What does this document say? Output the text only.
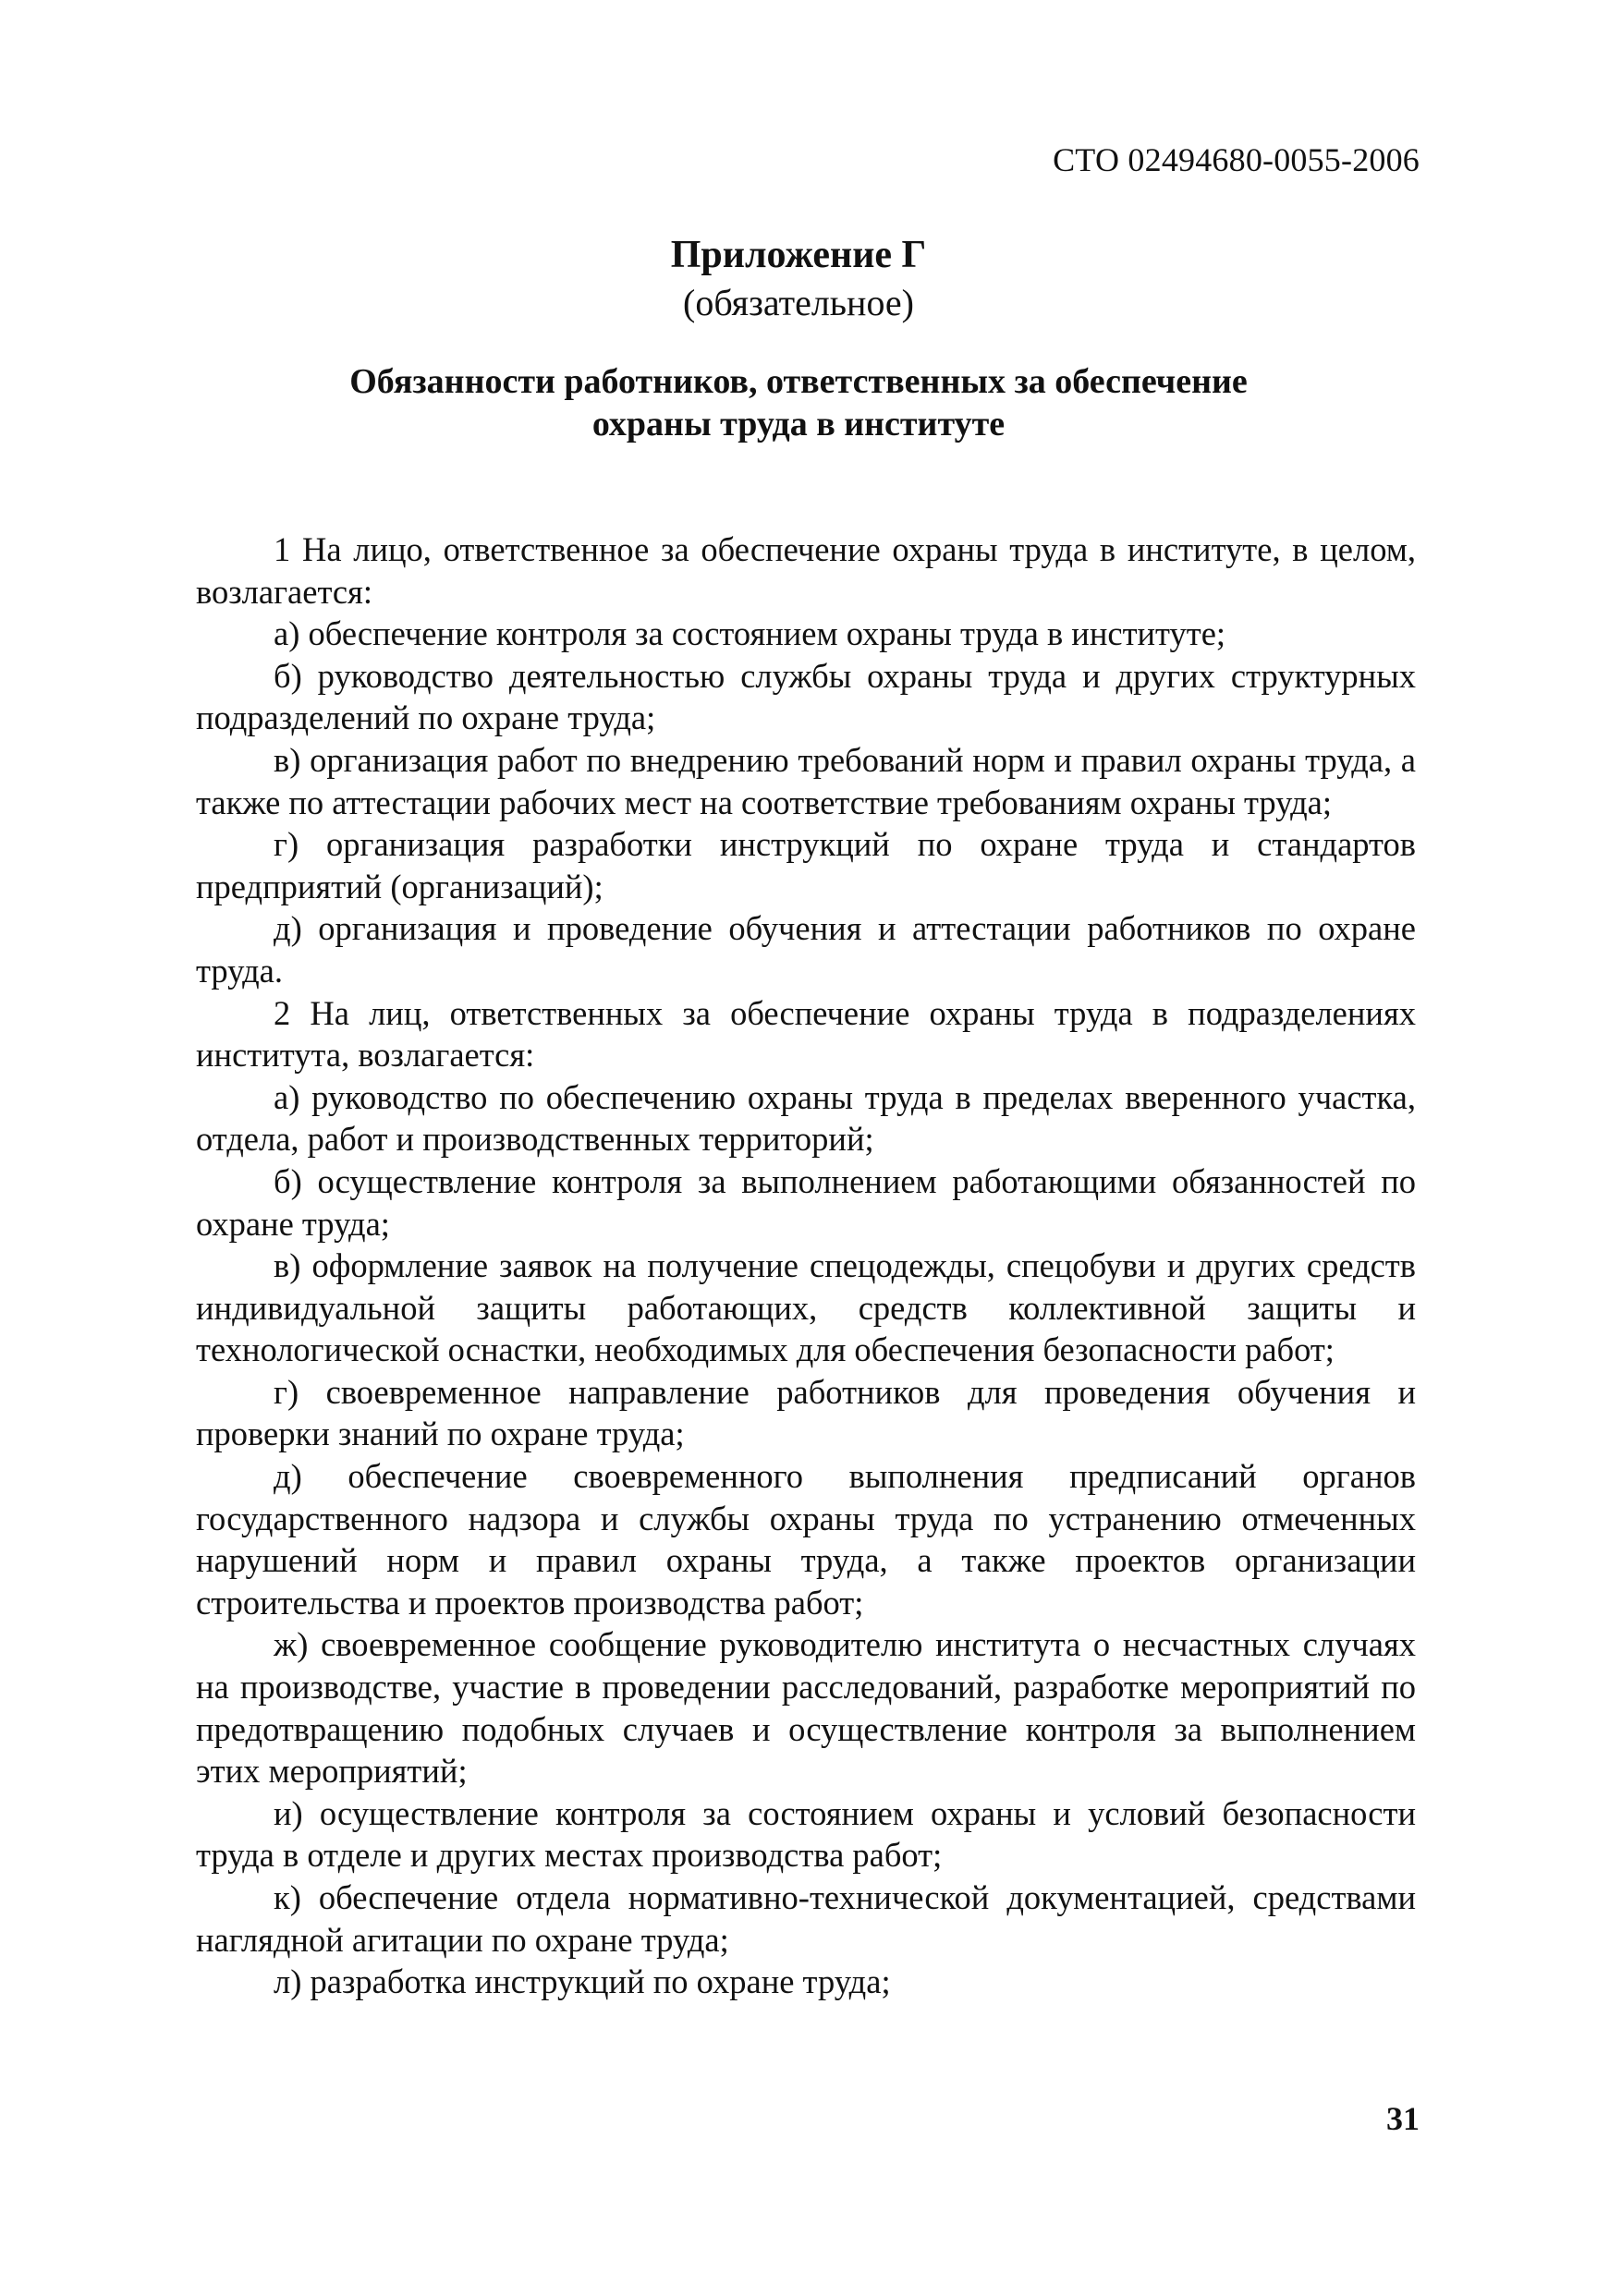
СТО 02494680-0055-2006
Приложение Г
(обязательное)
Обязанности работников, ответственных за обеспечение
охраны труда в институте

1 На лицо, ответственное за обеспечение охраны труда в институте, в целом, возлагается:

а) обеспечение контроля за состоянием охраны труда в институте;

б) руководство деятельностью службы охраны труда и других структурных подразделений по охране труда;

в) организация работ по внедрению требований норм и правил охраны труда, а также по аттестации рабочих мест на соответствие требованиям охраны труда;

г) организация разработки инструкций по охране труда и стандартов предприятий (организаций);

д) организация и проведение обучения и аттестации работников по охране труда.

2 На лиц, ответственных за обеспечение охраны труда в подразделениях института, возлагается:

а) руководство по обеспечению охраны труда в пределах вверенного участка, отдела, работ и производственных территорий;

б) осуществление контроля за выполнением работающими обязанностей по охране труда;

в) оформление заявок на получение спецодежды, спецобуви и других средств индивидуальной защиты работающих, средств коллективной защиты и технологической оснастки, необходимых для обеспечения безопасности работ;

г) своевременное направление работников для проведения обучения и проверки знаний по охране труда;

д) обеспечение своевременного выполнения предписаний органов государственного надзора и службы охраны труда по устранению отмеченных нарушений норм и правил охраны труда, а также проектов организации строительства и проектов производства работ;

ж) своевременное сообщение руководителю института о несчастных случаях на производстве, участие в проведении расследований, разработке мероприятий по предотвращению подобных случаев и осуществление контроля за выполнением этих мероприятий;

и) осуществление контроля за состоянием охраны и условий безопасности труда в отделе и других местах производства работ;

к) обеспечение отдела нормативно-технической документацией, средствами наглядной агитации по охране труда;

л) разработка инструкций по охране труда;

31
